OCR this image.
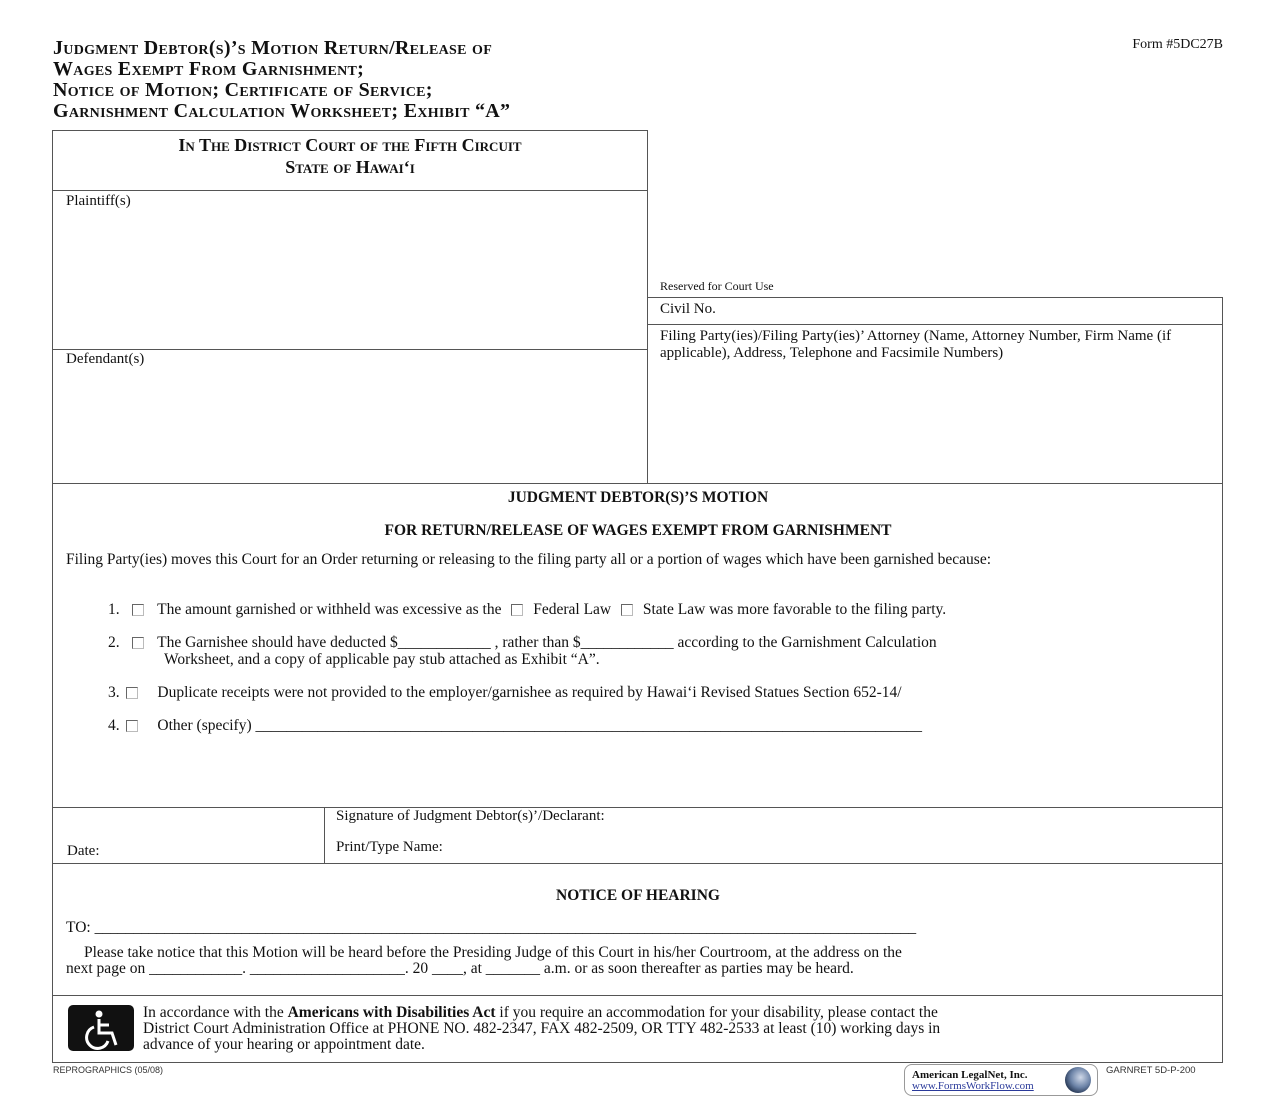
Judgment Debtor(s)’s Motion Return/Release of
Wages Exempt From Garnishment;
Notice of Motion; Certificate of Service;
Garnishment Calculation Worksheet; Exhibit “A”
Form #5DC27B
In The District Court of the Fifth Circuit
State of Hawai‘i
Plaintiff(s)
Defendant(s)
Reserved for Court Use
Civil No.
Filing Party(ies)/Filing Party(ies)’ Attorney (Name, Attorney Number, Firm Name (if applicable), Address, Telephone and Facsimile Numbers)
JUDGMENT DEBTOR(S)’S MOTION
FOR RETURN/RELEASE OF WAGES EXEMPT FROM GARNISHMENT
Filing Party(ies) moves this Court for an Order returning or releasing to the filing party all or a portion of wages which have been garnished because:
1. The amount garnished or withheld was excessive as the Federal Law State Law was more favorable to the filing party.
2. The Garnishee should have deducted $____________ , rather than $____________ according to the Garnishment Calculation
Worksheet, and a copy of applicable pay stub attached as Exhibit “A”.
3. Duplicate receipts were not provided to the employer/garnishee as required by Hawai‘i Revised Statues Section 652-14/
4. Other (specify) ______________________________________________________________________________________
Date:
Signature of Judgment Debtor(s)’/Declarant:
Print/Type Name:
NOTICE OF HEARING
TO: __________________________________________________________________________________________________________
Please take notice that this Motion will be heard before the Presiding Judge of this Court in his/her Courtroom, at the address on the
next page on ____________. ____________________. 20 ____, at _______ a.m. or as soon thereafter as parties may be heard.
In accordance with the Americans with Disabilities Act if you require an accommodation for your disability, please contact the
District Court Administration Office at PHONE NO. 482-2347, FAX 482-2509, OR TTY 482-2533 at least (10) working days in
advance of your hearing or appointment date.
REPROGRAPHICS (05/08)	American LegalNet, Inc.
www.FormsWorkFlow.com
GARNRET 5D-P-200
